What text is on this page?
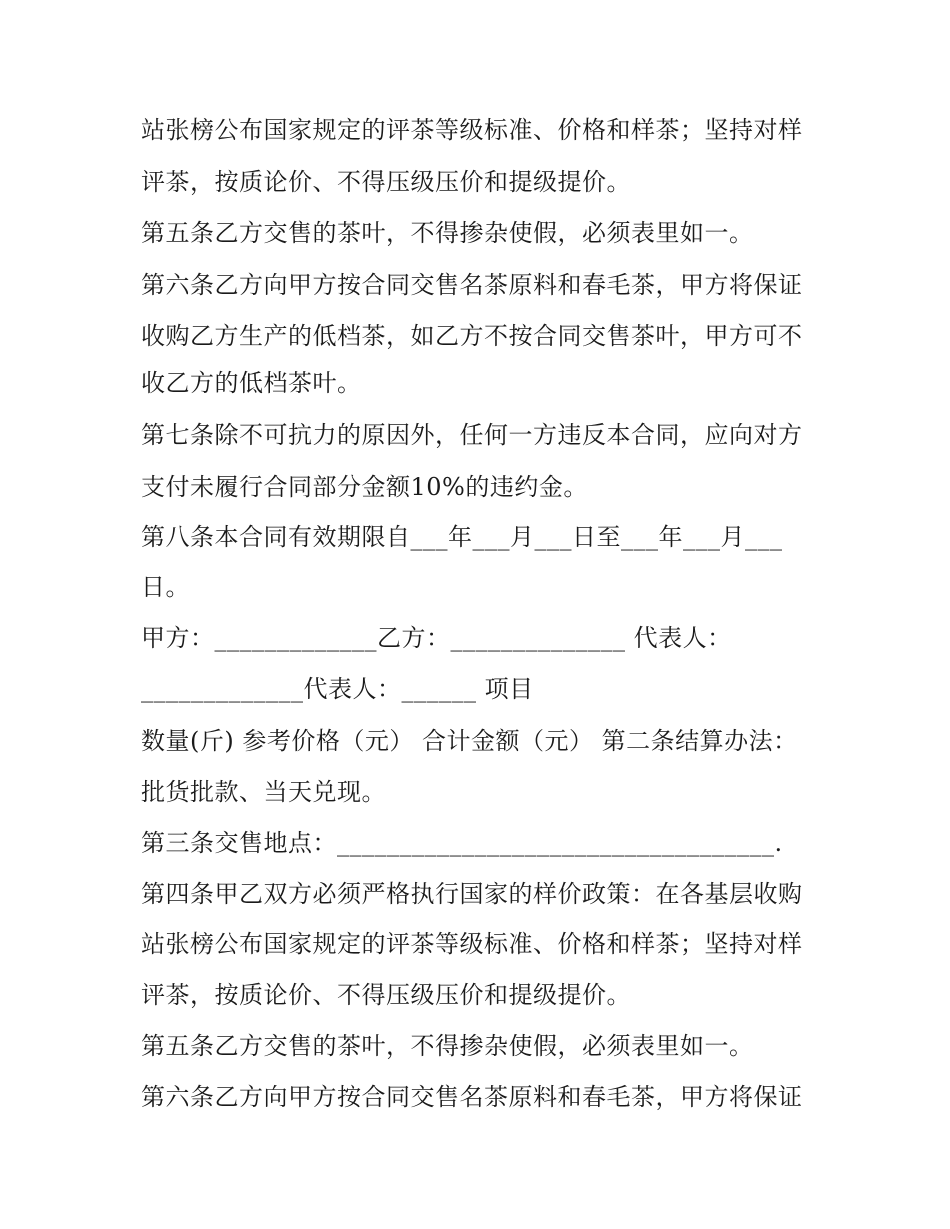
站张榜公布国家规定的评茶等级标准、价格和样茶；坚持对样
评茶，按质论价、不得压级压价和提级提价。
第五条乙方交售的茶叶，不得掺杂使假，必须表里如一。
第六条乙方向甲方按合同交售名茶原料和春毛茶，甲方将保证
收购乙方生产的低档茶，如乙方不按合同交售茶叶，甲方可不
收乙方的低档茶叶。
第七条除不可抗力的原因外，任何一方违反本合同，应向对方
支付未履行合同部分金额10%的违约金。
第八条本合同有效期限自___年___月___日至___年___月___
日。
甲方：_____________乙方：______________ 代表人：
_____________代表人：______ 项目
数量(斤) 参考价格（元） 合计金额（元） 第二条结算办法：
批货批款、当天兑现。
第三条交售地点：___________________________________.
第四条甲乙双方必须严格执行国家的样价政策：在各基层收购
站张榜公布国家规定的评茶等级标准、价格和样茶；坚持对样
评茶，按质论价、不得压级压价和提级提价。
第五条乙方交售的茶叶，不得掺杂使假，必须表里如一。
第六条乙方向甲方按合同交售名茶原料和春毛茶，甲方将保证
